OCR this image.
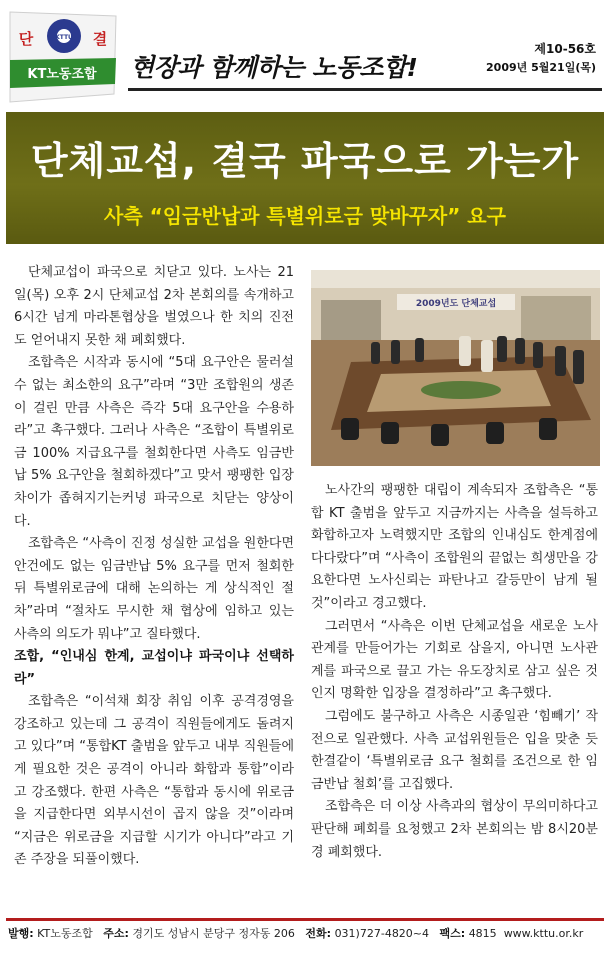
KTTU
단	결
KT노동조합 현장과 함께하는 노동조합!
제10-56호
2009년 5월21일(목)
단체교섭, 결국 파국으로 가는가
사측 “임금반납과 특별위로금 맞바꾸자” 요구

단체교섭이 파국으로 치닫고 있다. 노사는 21일(목) 오후 2시 단체교섭 2차 본회의를 속개하고 6시간 넘게 마라톤협상을 벌였으나 한 치의 진전도 얻어내지 못한 채 폐회했다.

조합측은 시작과 동시에 “5대 요구안은 물러설 수 없는 최소한의 요구”라며 “3만 조합원의 생존이 걸린 만큼 사측은 즉각 5대 요구안을 수용하라”고 촉구했다. 그러나 사측은 “조합이 특별위로금 100% 지급요구를 철회한다면 사측도 임금반납 5% 요구안을 철회하겠다”고 맞서 팽팽한 입장차이가 좁혀지기는커녕 파국으로 치닫는 양상이다.

조합측은 “사측이 진정 성실한 교섭을 원한다면 안건에도 없는 임금반납 5% 요구를 먼저 철회한 뒤 특별위로금에 대해 논의하는 게 상식적인 절차”라며 “절차도 무시한 채 협상에 임하고 있는 사측의 의도가 뭐냐”고 질타했다.

조합, “인내심 한계, 교섭이냐 파국이냐 선택하라”

조합측은 “이석채 회장 취임 이후 공격경영을 강조하고 있는데 그 공격이 직원들에게도 돌려지고 있다”며 “통합KT 출범을 앞두고 내부 직원들에게 필요한 것은 공격이 아니라 화합과 통합”이라고 강조했다. 한편 사측은 “통합과 동시에 위로금을 지급한다면 외부시선이 곱지 않을 것”이라며 “지금은 위로금을 지급할 시기가 아니다”라고 기존 주장을 되풀이했다.

2009년도 단체교섭

노사간의 팽팽한 대립이 계속되자 조합측은 “통합 KT 출범을 앞두고 지금까지는 사측을 설득하고 화합하고자 노력했지만 조합의 인내심도 한계점에 다다랐다”며 “사측이 조합원의 끝없는 희생만을 강요한다면 노사신뢰는 파탄나고 갈등만이 남게 될 것”이라고 경고했다.

그러면서 “사측은 이번 단체교섭을 새로운 노사관계를 만들어가는 기회로 삼을지, 아니면 노사관계를 파국으로 끌고 가는 유도장치로 삼고 싶은 것인지 명확한 입장을 결정하라”고 촉구했다.

그럼에도 불구하고 사측은 시종일관 ‘힘빼기’ 작전으로 일관했다. 사측 교섭위원들은 입을 맞춘 듯 한결같이 ‘특별위로금 요구 철회를 조건으로 한 임금반납 철회’를 고집했다.

조합측은 더 이상 사측과의 협상이 무의미하다고 판단해 폐회를 요청했고 2차 본회의는 밤 8시20분경 폐회했다.

발행: KT노동조합 주소: 경기도 성남시 분당구 정자동 206 전화: 031)727-4820~4 팩스: 4815 www.kttu.or.kr
